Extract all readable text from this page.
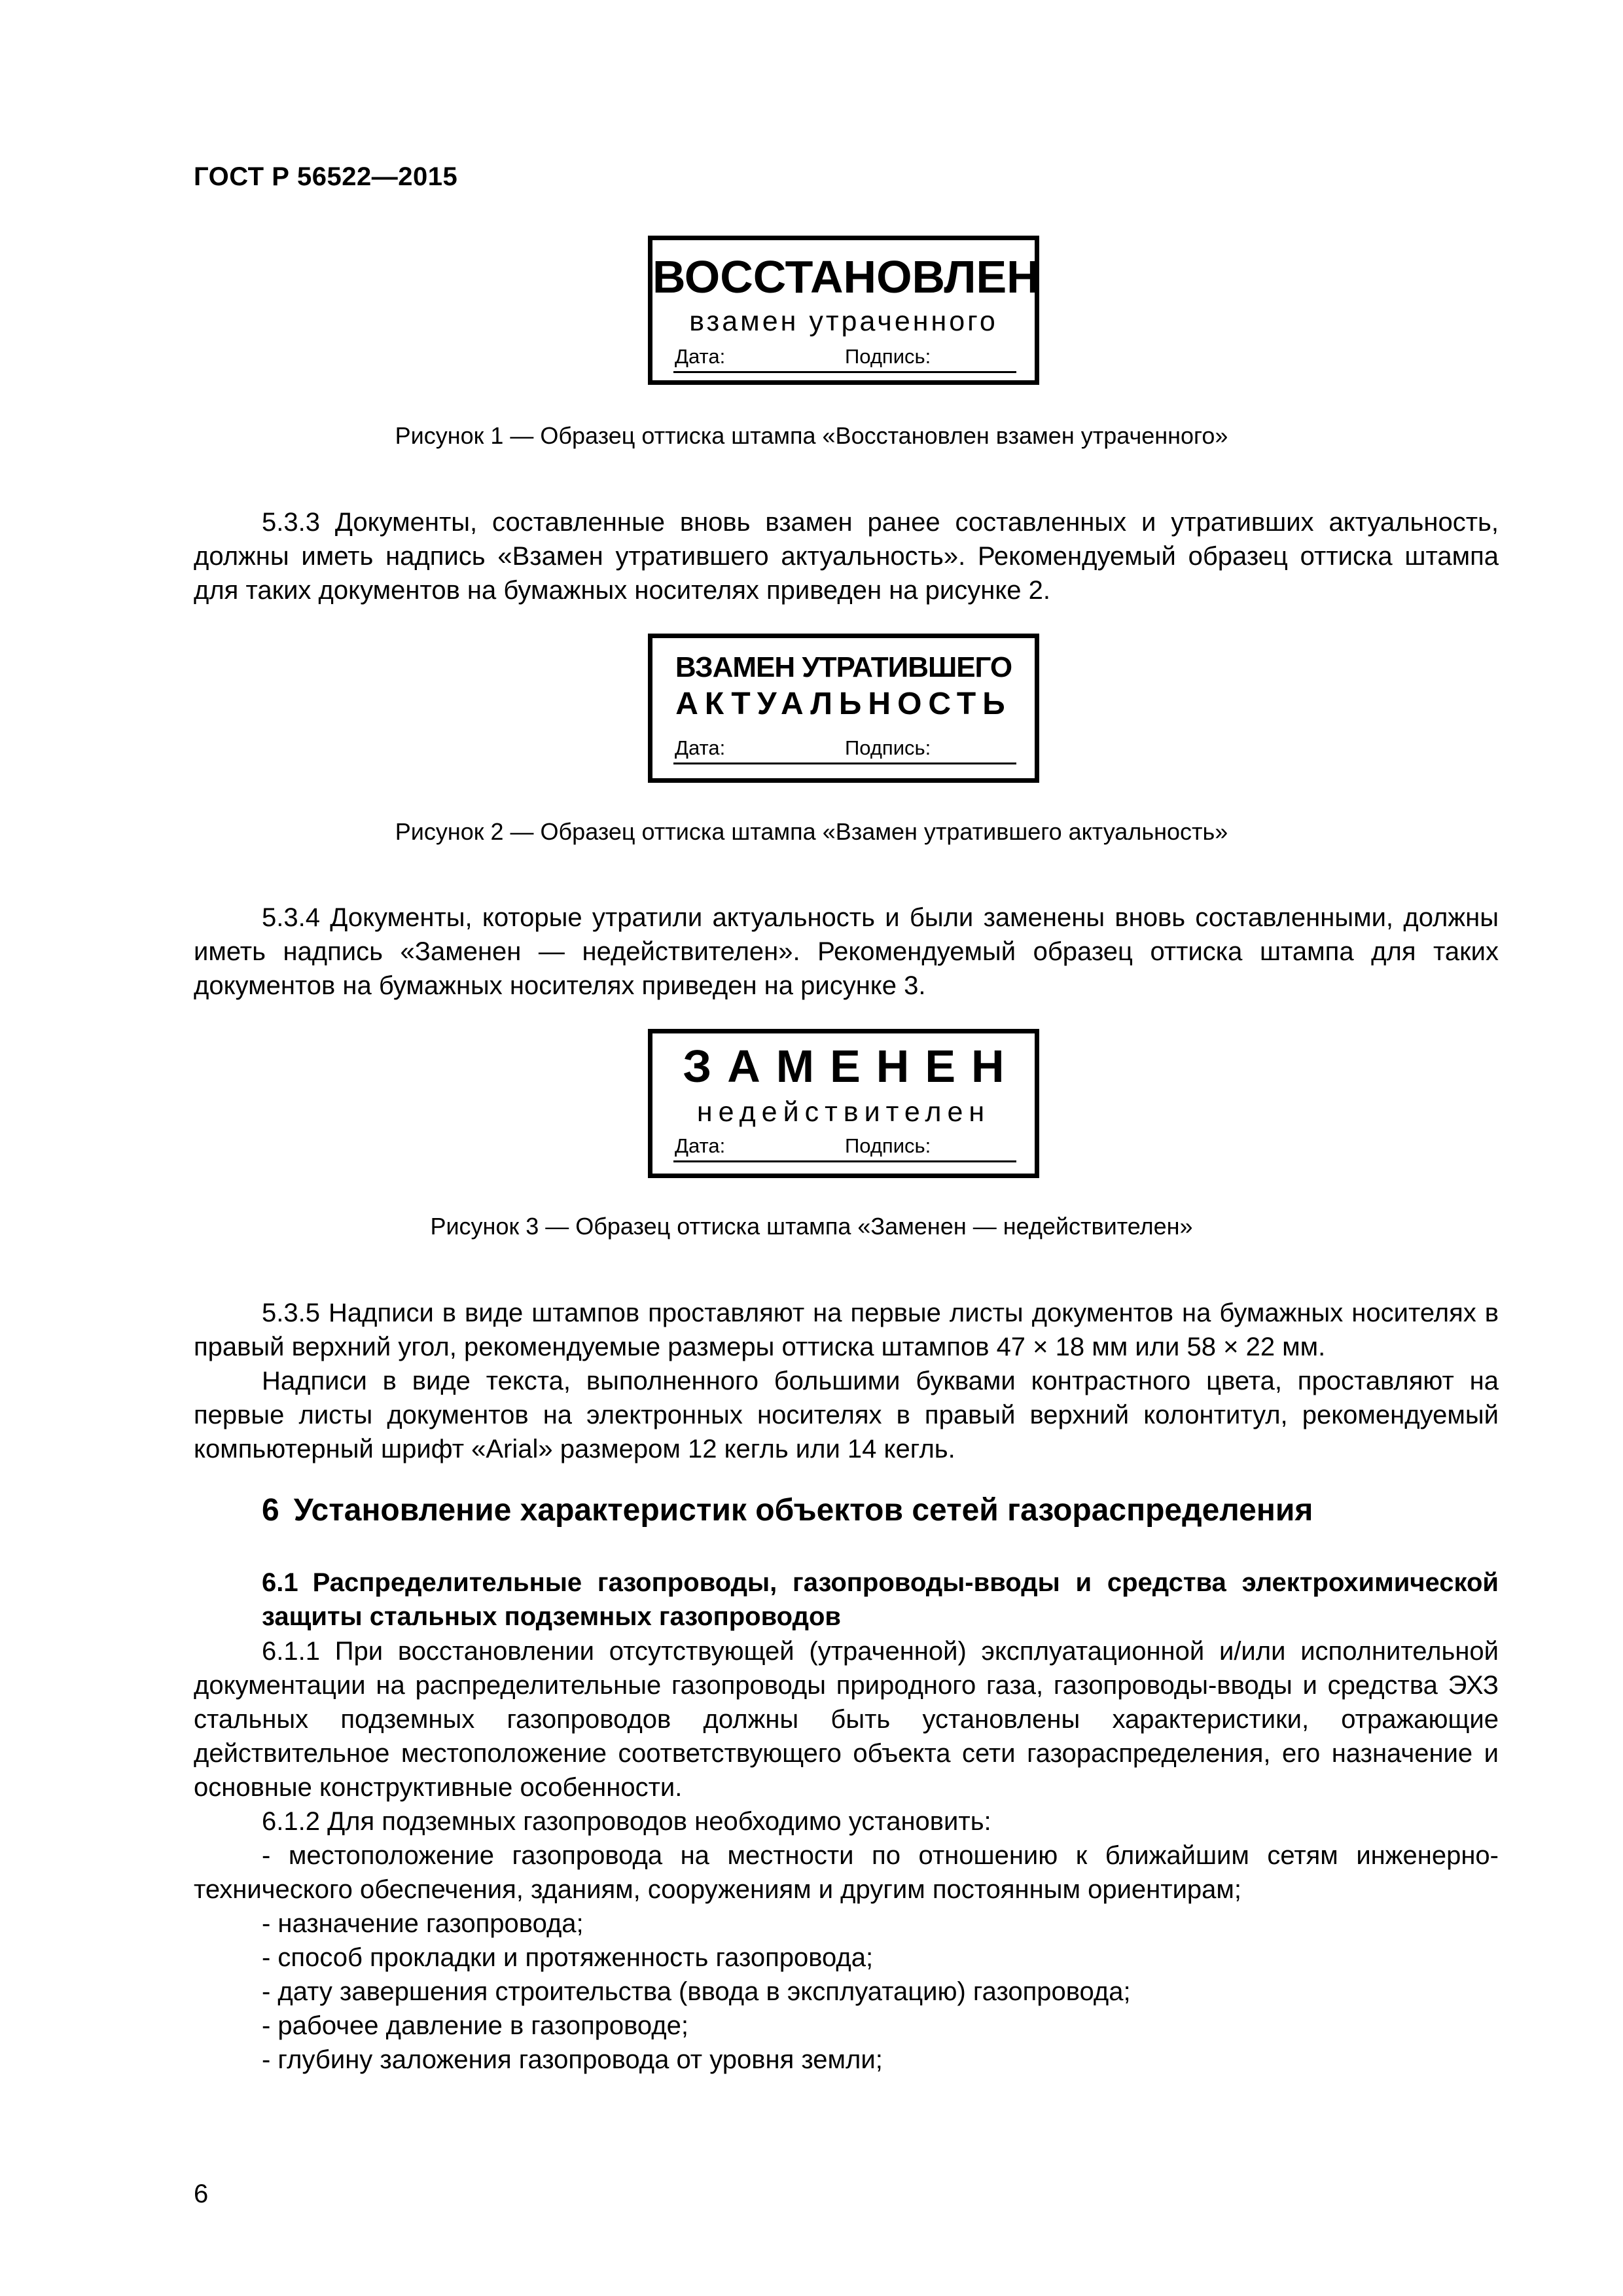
ГОСТ Р 56522—2015
ВОССТАНОВЛЕН
взамен утраченного
Дата:	Подпись:
Рисунок 1 — Образец оттиска штампа «Восстановлен взамен утраченного»
5.3.3 Документы, составленные вновь взамен ранее составленных и утративших актуальность, должны иметь надпись «Взамен утратившего актуальность». Рекомендуемый образец оттиска штампа для таких документов на бумажных носителях приведен на рисунке 2.
ВЗАМЕН УТРАТИВШЕГО
АКТУАЛЬНОСТЬ
Дата:	Подпись:
Рисунок 2 — Образец оттиска штампа «Взамен утратившего актуальность»
5.3.4 Документы, которые утратили актуальность и были заменены вновь составленными, должны иметь надпись «Заменен — недействителен». Рекомендуемый образец оттиска штампа для таких документов на бумажных носителях приведен на рисунке 3.
ЗАМЕНЕН
недействителен
Дата:	Подпись:
Рисунок 3 — Образец оттиска штампа «Заменен — недействителен»
5.3.5 Надписи в виде штампов проставляют на первые листы документов на бумажных носителях в правый верхний угол, рекомендуемые размеры оттиска штампов 47 × 18 мм или 58 × 22 мм.
Надписи в виде текста, выполненного большими буквами контрастного цвета, проставляют на первые листы документов на электронных носителях в правый верхний колонтитул, рекомендуемый компьютерный шрифт «Arial» размером 12 кегль или 14 кегль.
6 Установление характеристик объектов сетей газораспределения
6.1 Распределительные газопроводы, газопроводы-вводы и средства электрохимической защиты стальных подземных газопроводов
6.1.1 При восстановлении отсутствующей (утраченной) эксплуатационной и/или исполнительной документации на распределительные газопроводы природного газа, газопроводы-вводы и средства ЭХЗ стальных подземных газопроводов должны быть установлены характеристики, отражающие действительное местоположение соответствующего объекта сети газораспределения, его назначение и основные конструктивные особенности.
6.1.2 Для подземных газопроводов необходимо установить:
- местоположение газопровода на местности по отношению к ближайшим сетям инженерно-технического обеспечения, зданиям, сооружениям и другим постоянным ориентирам;
- назначение газопровода;
- способ прокладки и протяженность газопровода;
- дату завершения строительства (ввода в эксплуатацию) газопровода;
- рабочее давление в газопроводе;
- глубину заложения газопровода от уровня земли;
6
